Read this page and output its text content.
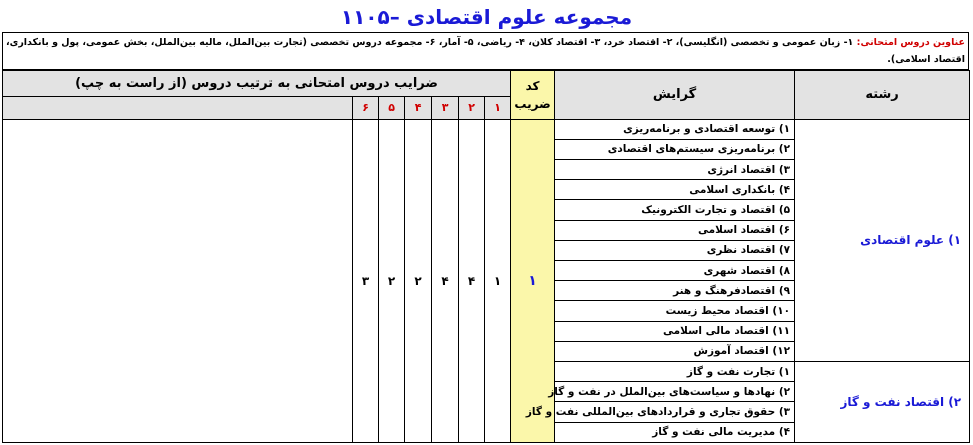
۱۱۰۵– مجموعه علوم اقتصادی
عناوین دروس امتحانی: ۱- زبان عمومی و تخصصی (انگلیسی)، ۲- اقتصاد خرد، ۳- اقتصاد کلان، ۴- ریاضی، ۵- آمار، ۶- مجموعه دروس تخصصی (تجارت بین‌الملل، مالیه بین‌الملل، بخش عمومی، پول و بانکداری، اقتصاد اسلامی).
رشته	گرایش	کد ضریب	ضرایب دروس امتحانی به ترتیب دروس (از راست به چپ)						
			۱	۲	۳	۴	۵	۶	
۱) علوم اقتصادی	۱) توسعه اقتصادی و برنامه‌ریزی	۱	۱	۴	۴	۲	۲	۳	
	۲) برنامه‌ریزی سیستم‌های اقتصادی								
	۳) اقتصاد انرژی								
	۴) بانکداری اسلامی								
	۵) اقتصاد و تجارت الکترونیک								
	۶) اقتصاد اسلامی								
	۷) اقتصاد نظری								
	۸) اقتصاد شهری								
	۹) اقتصادفرهنگ و هنر								
	۱۰) اقتصاد محیط زیست								
	۱۱) اقتصاد مالی اسلامی								
	۱۲) اقتصاد آموزش								
۲) اقتصاد نفت و گاز	۱) تجارت نفت و گاز								
	۲) نهادها و سیاست‌های بین‌الملل در نفت و گاز								
	۳) حقوق تجاری و قراردادهای بین‌المللی نفت و گاز								
	۴) مدیریت مالی نفت و گاز								
